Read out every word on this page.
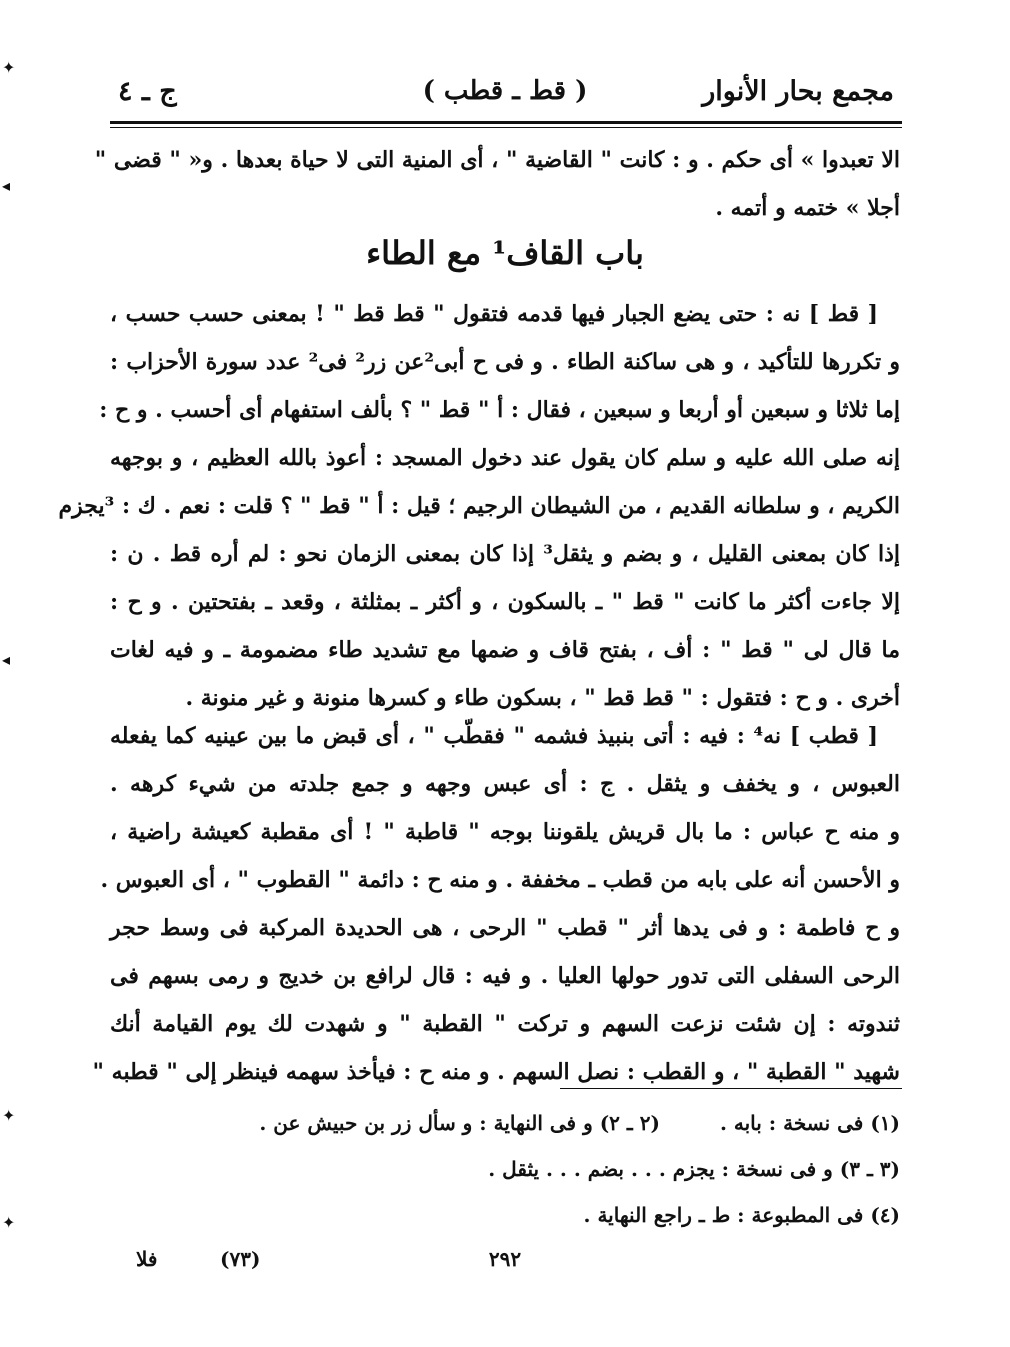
مجمع بحار الأنوار
( قط ـ قطب )
ج ـ ٤
الا تعبدوا » أى حكم . و : كانت " القاضية " ، أى المنية التى لا حياة بعدها . و« " قضى "
أجلا » ختمه و أتمه .
باب القاف¹ مع الطاء
[ قط ] نه : حتى يضع الجبار فيها قدمه فتقول " قط قط " ! بمعنى حسب حسب ،
و تكررها للتأكيد ، و هى ساكنة الطاء . و فى ح أبى²عن زر² فى² عدد سورة الأحزاب :
إما ثلاثا و سبعين أو أربعا و سبعين ، فقال : أ " قط " ؟ بألف استفهام أى أحسب . و ح :
إنه صلى الله عليه و سلم كان يقول عند دخول المسجد : أعوذ بالله العظيم ، و بوجهه
الكريم ، و سلطانه القديم ، من الشيطان الرجيم ؛ قيل : أ " قط " ؟ قلت : نعم . ك : ³يجزم
إذا كان بمعنى القليل ، و بضم و يثقل³ إذا كان بمعنى الزمان نحو : لم أره قط . ن :
إلا جاءت أكثر ما كانت " قط " ـ بالسكون ، و أكثر ـ بمثلثة ، وقعد ـ بفتحتين . و ح :
ما قال لى " قط " : أف ، بفتح قاف و ضمها مع تشديد طاء مضمومة ـ و فيه لغات
أخرى . و ح : فتقول : " قط قط " ، بسكون طاء و كسرها منونة و غير منونة .
[ قطب ] نه⁴ : فيه : أتى بنبيذ فشمه " فقطّب " ، أى قبض ما بين عينيه كما يفعله
العبوس ، و يخفف و يثقل . ج : أى عبس وجهه و جمع جلدته من شيء كرهه .
و منه ح عباس : ما بال قريش يلقوننا بوجه " قاطبة " ! أى مقطبة كعيشة راضية ،
و الأحسن أنه على بابه من قطب ـ مخففة . و منه ح : دائمة " القطوب " ، أى العبوس .
و ح فاطمة : و فى يدها أثر " قطب " الرحى ، هى الحديدة المركبة فى وسط حجر
الرحى السفلى التى تدور حولها العليا . و فيه : قال لرافع بن خديج و رمى بسهم فى
ثندوته : إن شئت نزعت السهم و تركت " القطبة " و شهدت لك يوم القيامة أنك
شهيد " القطبة " ، و القطب : نصل السهم . و منه ح : فيأخذ سهمه فينظر إلى " قطبه "
(١) فى نسخة : بابه .(٢ ـ ٢) و فى النهاية : و سأل زر بن حبيش عن .
(٣ ـ ٣) و فى نسخة : يجزم . . . بضم . . . يثقل .
(٤) فى المطبوعة : ط ـ راجع النهاية .
٢٩٢
(٧٣)
فلا
✦
◂
◂
✦
✦
